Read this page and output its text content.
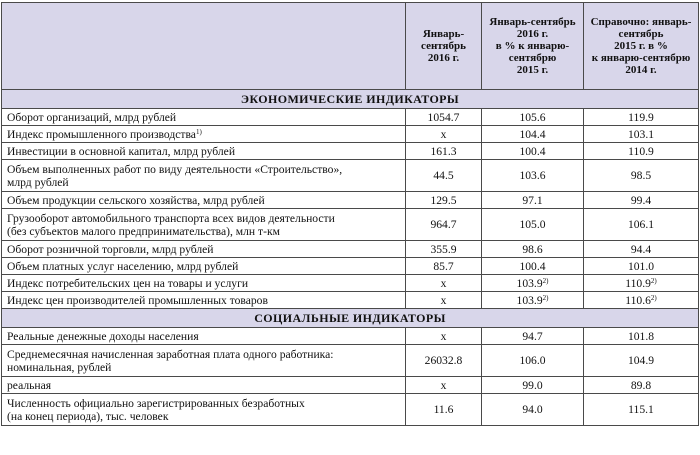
	Январь-
сентябрь
2016 г.	Январь-сентябрь
2016 г.
в % к январю-
сентябрю
2015 г.	Справочно: январь-
сентябрь
2015 г. в %
к январю-сентябрю
2014 г.
ЭКОНОМИЧЕСКИЕ ИНДИКАТОРЫ			
Оборот организаций, млрд рублей	1054.7	105.6	119.9
Индекс промышленного производства$^{1)}$	x	104.4	103.1
Инвестиции в основной капитал, млрд рублей	161.3	100.4	110.9
Объем выполненных работ по виду деятельности «Строительство»,
млрд рублей	44.5	103.6	98.5
Объем продукции сельского хозяйства, млрд рублей	129.5	97.1	99.4
Грузооборот автомобильного транспорта всех видов деятельности
(без субъектов малого предпринимательства), млн т-км	964.7	105.0	106.1
Оборот розничной торговли, млрд рублей	355.9	98.6	94.4
Объем платных услуг населению, млрд рублей	85.7	100.4	101.0
Индекс потребительских цен на товары и услуги	x	103.9$^{2)}$	110.9$^{2)}$
Индекс цен производителей промышленных товаров	x	103.9$^{2)}$	110.6$^{2)}$
СОЦИАЛЬНЫЕ ИНДИКАТОРЫ			
Реальные денежные доходы населения	x	94.7	101.8
Среднемесячная начисленная заработная плата одного работника:
номинальная, рублей	26032.8	106.0	104.9
реальная	x	99.0	89.8
Численность официально зарегистрированных безработных
(на конец периода), тыс. человек	11.6	94.0	115.1
